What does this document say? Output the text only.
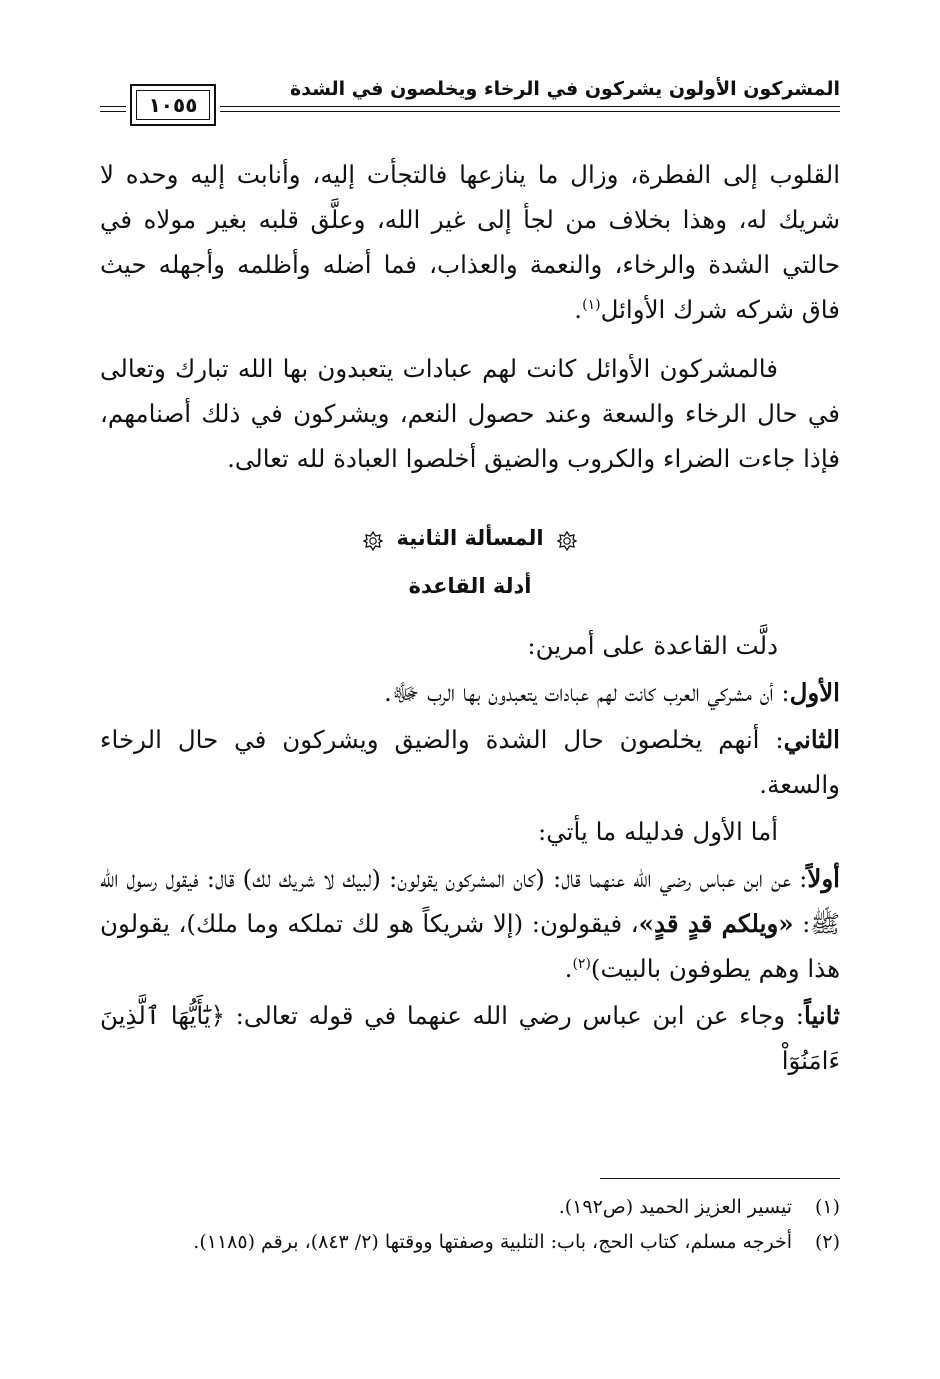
المشركون الأولون يشركون في الرخاء ويخلصون في الشدة
١٠٥٥

القلوب إلى الفطرة، وزال ما ينازعها فالتجأت إليه، وأنابت إليه وحده لا شريك له، وهذا بخلاف من لجأ إلى غير الله، وعلَّق قلبه بغير مولاه في حالتي الشدة والرخاء، والنعمة والعذاب، فما أضله وأظلمه وأجهله حيث فاق شركه شرك الأوائل$^{(١)}$.

فالمشركون الأوائل كانت لهم عبادات يتعبدون بها الله تبارك وتعالى في حال الرخاء والسعة وعند حصول النعم، ويشركون في ذلك أصنامهم، فإذا جاءت الضراء والكروب والضيق أخلصوا العبادة لله تعالى.

المسألة الثانية
أدلة القاعدة

دلَّت القاعدة على أمرين:

الأول: أن مشركي العرب كانت لهم عبادات يتعبدون بها الرب ﷻ.

الثاني: أنهم يخلصون حال الشدة والضيق ويشركون في حال الرخاء والسعة.

أما الأول فدليله ما يأتي:

أولاً: عن ابن عباس رضي الله عنهما قال: (كان المشركون يقولون: (لبيك لا شريك لك) قال: فيقول رسول الله ﷺ: «ويلكم قدٍ قدٍ»، فيقولون: (إلا شريكاً هو لك تملكه وما ملك)، يقولون هذا وهم يطوفون بالبيت)$^{(٢)}$.

ثانياً: وجاء عن ابن عباس رضي الله عنهما في قوله تعالى: ﴿يَٰٓأَيُّهَا ٱلَّذِينَ ءَامَنُوٓاْ

(١)
تيسير العزيز الحميد (ص١٩٢).

(٢)
أخرجه مسلم، كتاب الحج، باب: التلبية وصفتها ووقتها (٢/ ٨٤٣)، برقم (١١٨٥).
